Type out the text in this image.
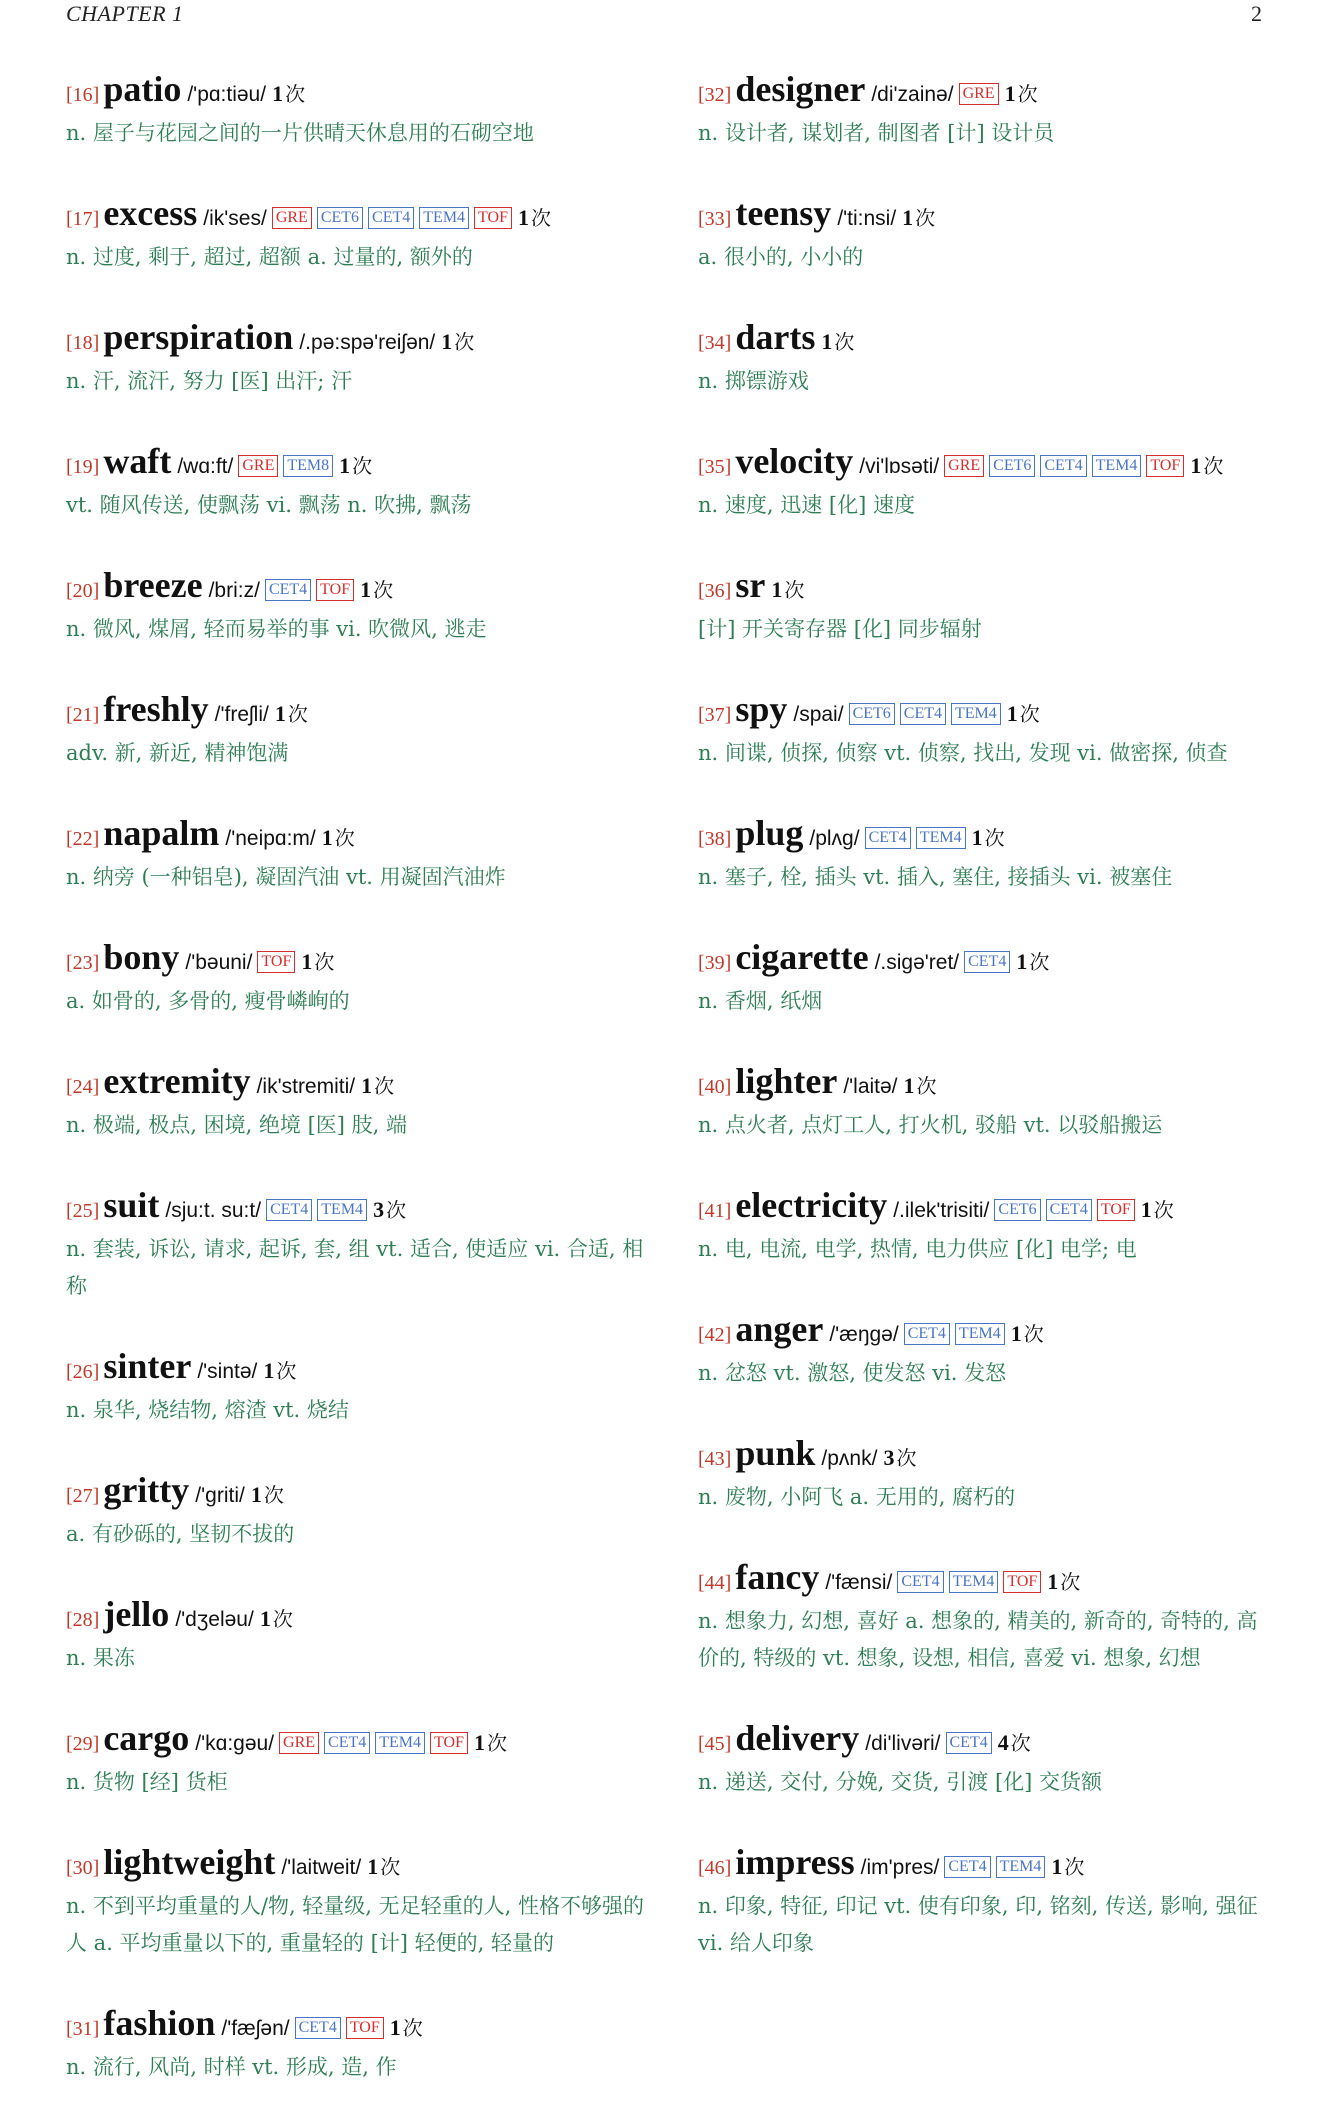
CHAPTER 1	2
[16] patio /'pɑ:tiəu/ 1 次
n. 屋子与花园之间的一片供晴天休息用的石砌空地
[17] excess /ik'ses/ GRE CET6 CET4 TEM4 TOF 1 次
n. 过度, 剩于, 超过, 超额 a. 过量的, 额外的
[18] perspiration /.pə:spə'reiʃən/ 1 次
n. 汗, 流汗, 努力 [医] 出汗; 汗
[19] waft /wɑ:ft/ GRE TEM8 1 次
vt. 随风传送, 使飘荡 vi. 飘荡 n. 吹拂, 飘荡
[20] breeze /bri:z/ CET4 TOF 1 次
n. 微风, 煤屑, 轻而易举的事 vi. 吹微风, 逃走
[21] freshly /'freʃli/ 1 次
adv. 新, 新近, 精神饱满
[22] napalm /'neipɑ:m/ 1 次
n. 纳旁 (一种铝皂), 凝固汽油 vt. 用凝固汽油炸
[23] bony /'bəuni/ TOF 1 次
a. 如骨的, 多骨的, 瘦骨嶙峋的
[24] extremity /ik'stremiti/ 1 次
n. 极端, 极点, 困境, 绝境 [医] 肢, 端
[25] suit /sju:t. su:t/ CET4 TEM4 3 次
n. 套装, 诉讼, 请求, 起诉, 套, 组 vt. 适合, 使适应 vi. 合适, 相称
[26] sinter /'sintə/ 1 次
n. 泉华, 烧结物, 熔渣 vt. 烧结
[27] gritty /'griti/ 1 次
a. 有砂砾的, 坚韧不拔的
[28] jello /'dʒeləu/ 1 次
n. 果冻
[29] cargo /'kɑ:gəu/ GRE CET4 TEM4 TOF 1 次
n. 货物 [经] 货柜
[30] lightweight /'laitweit/ 1 次
n. 不到平均重量的人/物, 轻量级, 无足轻重的人, 性格不够强的人 a. 平均重量以下的, 重量轻的 [计] 轻便的, 轻量的
[31] fashion /'fæʃən/ CET4 TOF 1 次
n. 流行, 风尚, 时样 vt. 形成, 造, 作
[32] designer /di'zainə/ GRE 1 次
n. 设计者, 谋划者, 制图者 [计] 设计员
[33] teensy /'ti:nsi/ 1 次
a. 很小的, 小小的
[34] darts 1 次
n. 掷镖游戏
[35] velocity /vi'lɒsəti/ GRE CET6 CET4 TEM4 TOF 1 次
n. 速度, 迅速 [化] 速度
[36] sr 1 次
[计] 开关寄存器 [化] 同步辐射
[37] spy /spai/ CET6 CET4 TEM4 1 次
n. 间谍, 侦探, 侦察 vt. 侦察, 找出, 发现 vi. 做密探, 侦查
[38] plug /plʌg/ CET4 TEM4 1 次
n. 塞子, 栓, 插头 vt. 插入, 塞住, 接插头 vi. 被塞住
[39] cigarette /.sigə'ret/ CET4 1 次
n. 香烟, 纸烟
[40] lighter /'laitə/ 1 次
n. 点火者, 点灯工人, 打火机, 驳船 vt. 以驳船搬运
[41] electricity /.ilek'trisiti/ CET6 CET4 TOF 1 次
n. 电, 电流, 电学, 热情, 电力供应 [化] 电学; 电
[42] anger /'æŋgə/ CET4 TEM4 1 次
n. 忿怒 vt. 激怒, 使发怒 vi. 发怒
[43] punk /pʌnk/ 3 次
n. 废物, 小阿飞 a. 无用的, 腐朽的
[44] fancy /'fænsi/ CET4 TEM4 TOF 1 次
n. 想象力, 幻想, 喜好 a. 想象的, 精美的, 新奇的, 奇特的, 高价的, 特级的 vt. 想象, 设想, 相信, 喜爱 vi. 想象, 幻想
[45] delivery /di'livəri/ CET4 4 次
n. 递送, 交付, 分娩, 交货, 引渡 [化] 交货额
[46] impress /im'pres/ CET4 TEM4 1 次
n. 印象, 特征, 印记 vt. 使有印象, 印, 铭刻, 传送, 影响, 强征 vi. 给人印象
